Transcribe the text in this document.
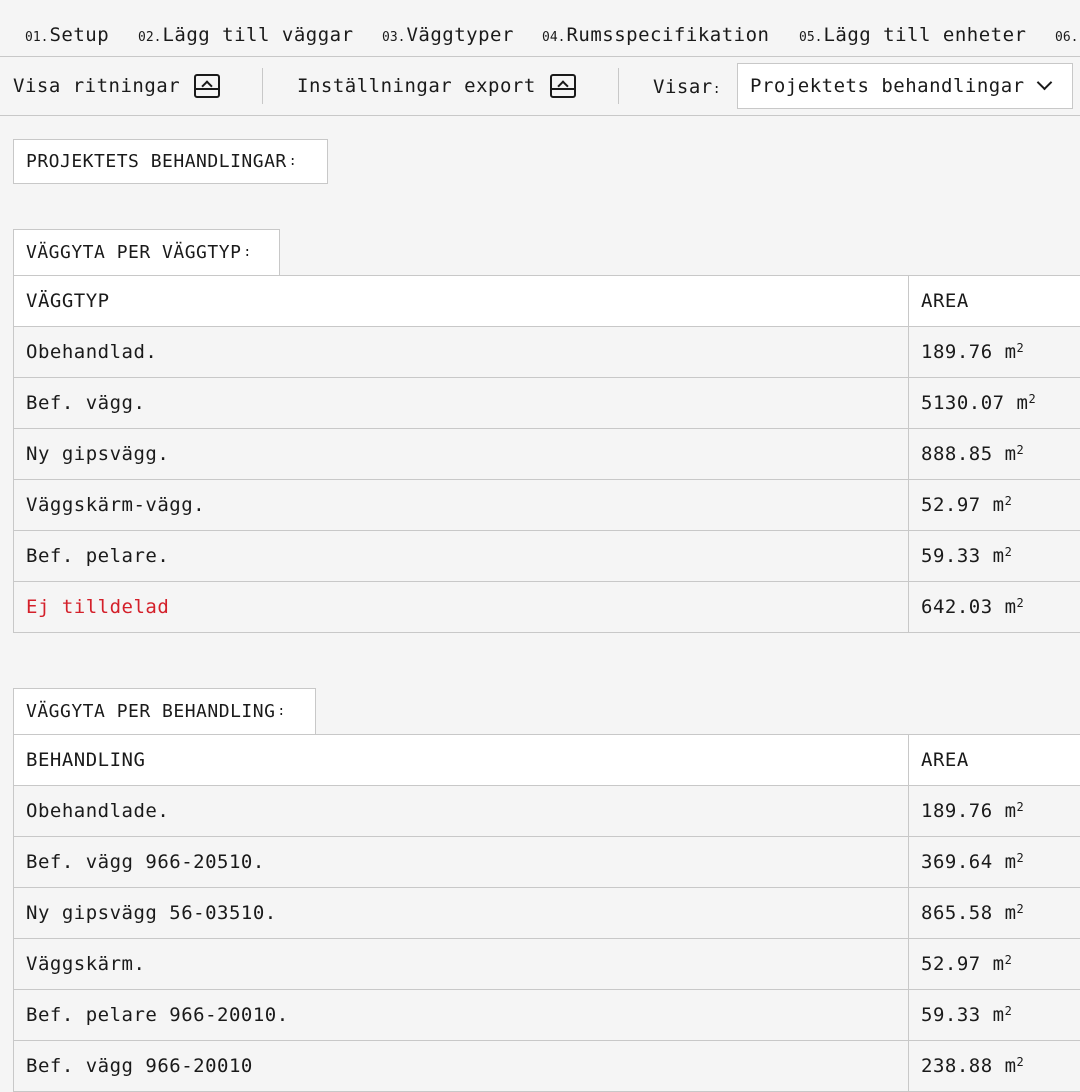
01.Setup 02.Lägg till väggar 03.Väggtyper 04.Rumsspecifikation 05.Lägg till enheter 06.
Visa ritningar	Inställningar export	Visar: Projektets behandlingar
PROJEKTETS BEHANDLINGAR :
VÄGGYTA PER VÄGGTYP :
VÄGGTYP	AREA
Obehandlad.	189.76 $m^2$
Bef. vägg.	5130.07 $m^2$
Ny gipsvägg.	888.85 $m^2$
Väggskärm-vägg.	52.97 $m^2$
Bef. pelare.	59.33 $m^2$
Ej tilldelad	642.03 $m^2$
VÄGGYTA PER BEHANDLING :
BEHANDLING	AREA
Obehandlade.	189.76 $m^2$
Bef. vägg 966-20510.	369.64 $m^2$
Ny gipsvägg 56-03510.	865.58 $m^2$
Väggskärm.	52.97 $m^2$
Bef. pelare 966-20010.	59.33 $m^2$
Bef. vägg 966-20010	238.88 $m^2$
